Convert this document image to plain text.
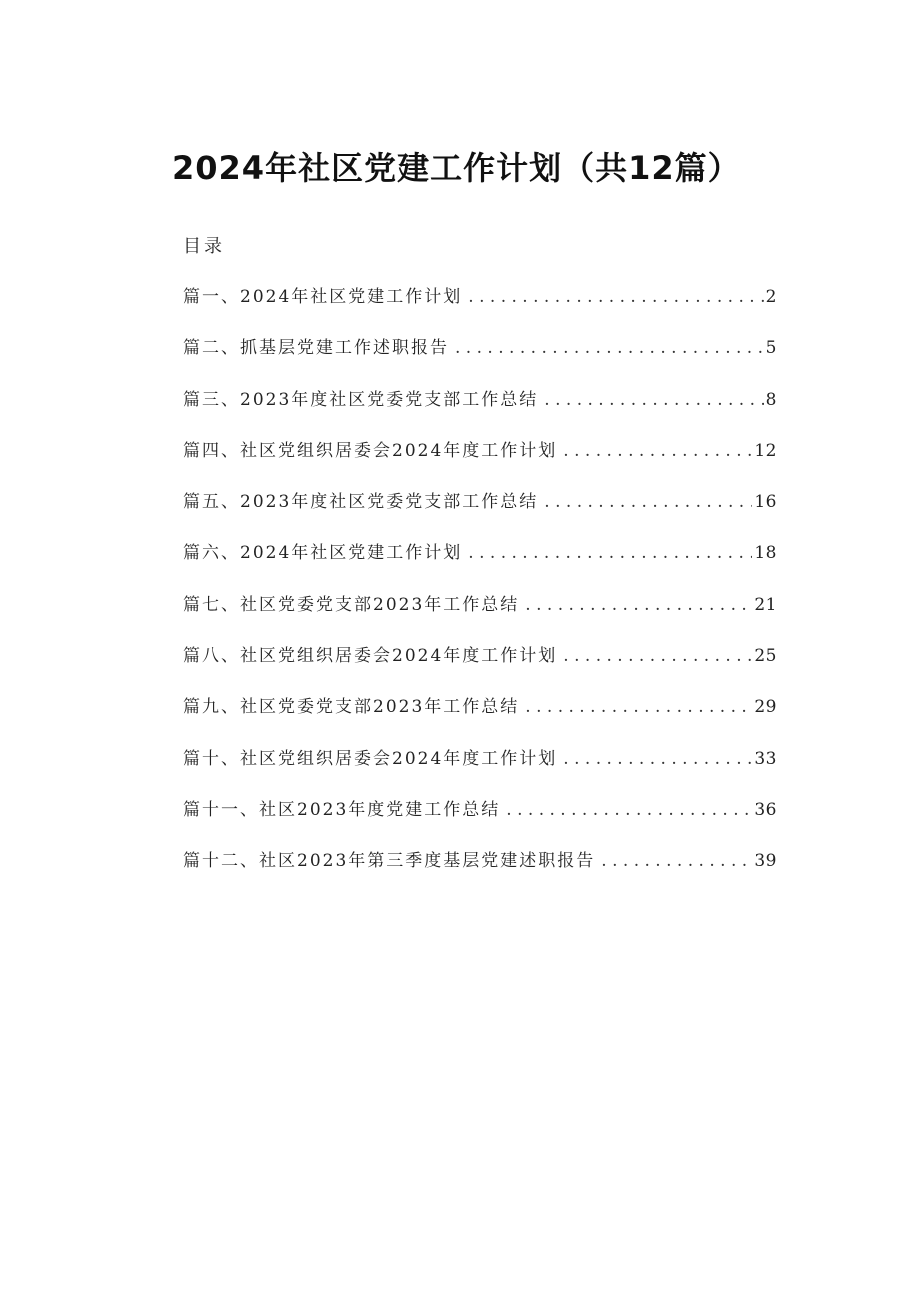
2024年社区党建工作计划（共12篇）
目录
篇一、2024年社区党建工作计划 . . .	2
篇二、抓基层党建工作述职报告 . . .	5
篇三、2023年度社区党委党支部工作总结 . . .	8
篇四、社区党组织居委会2024年度工作计划 . . .	12
篇五、2023年度社区党委党支部工作总结 . . .	16
篇六、2024年社区党建工作计划 . . .	18
篇七、社区党委党支部2023年工作总结 . . .	21
篇八、社区党组织居委会2024年度工作计划 . . .	25
篇九、社区党委党支部2023年工作总结 . . .	29
篇十、社区党组织居委会2024年度工作计划 . . .	33
篇十一、社区2023年度党建工作总结 . . .	36
篇十二、社区2023年第三季度基层党建述职报告 . . .	39
